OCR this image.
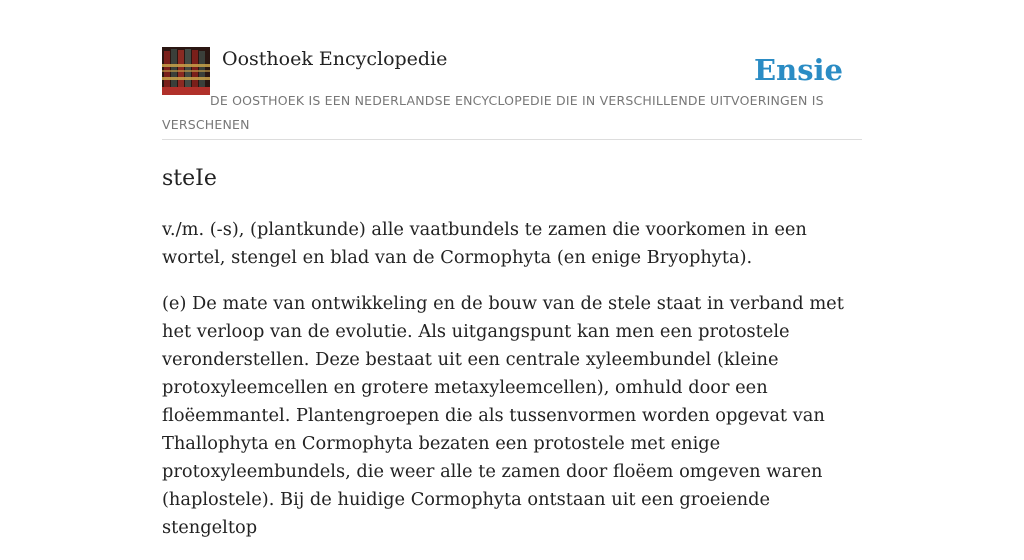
Oosthoek Encyclopedie	Ensie
DE OOSTHOEK IS EEN NEDERLANDSE ENCYCLOPEDIE DIE IN VERSCHILLENDE UITVOERINGEN IS VERSCHENEN
steIe

v./m. (-s), (plantkunde) alle vaatbundels te zamen die voorkomen in een wortel, stengel en blad van de Cormophyta (en enige Bryophyta).

(e) De mate van ontwikkeling en de bouw van de stele staat in verband met het verloop van de evolutie. Als uitgangspunt kan men een protostele veronderstellen. Deze bestaat uit een centrale xyleembundel (kleine protoxyleemcellen en grotere metaxyleemcellen), omhuld door een floëemmantel. Plantengroepen die als tussenvormen worden opgevat van Thallophyta en Cormophyta bezaten een protostele met enige protoxyleembundels, die weer alle te zamen door floëem omgeven waren (haplostele). Bij de huidige Cormophyta ontstaan uit een groeiende stengeltop
